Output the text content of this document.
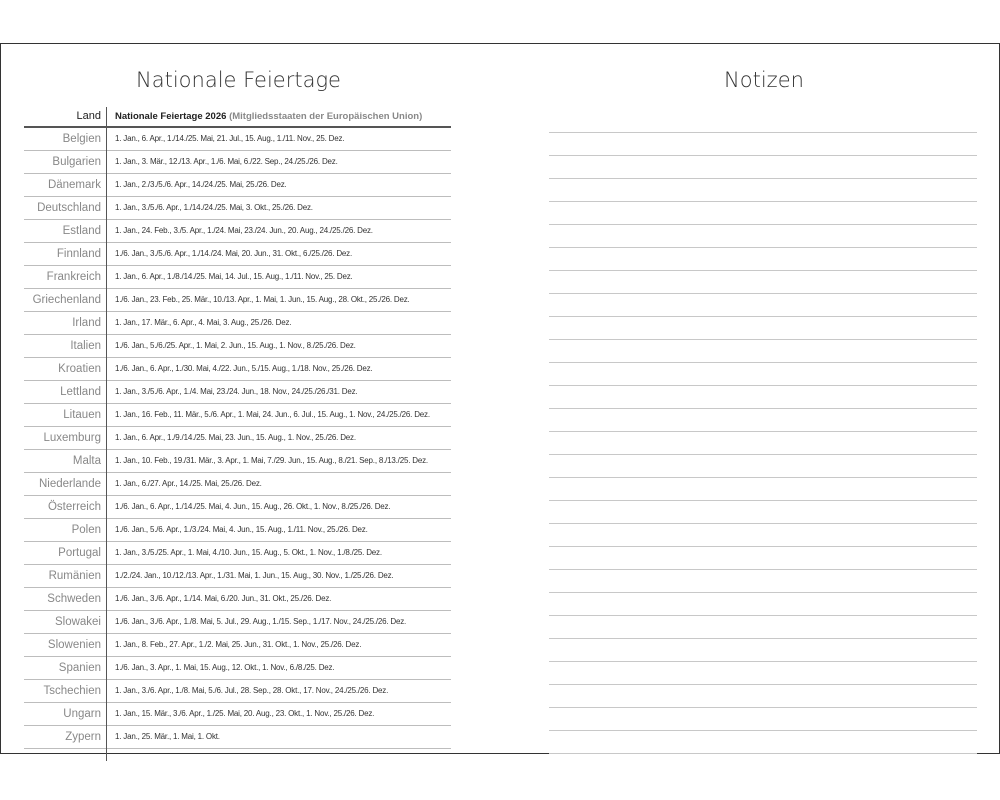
Nationale Feiertage	Notizen
Land Nationale Feiertage 2026 (Mitgliedsstaaten der Europäischen Union)
Belgien 1. Jan., 6. Apr., 1./14./25. Mai, 21. Jul., 15. Aug., 1./11. Nov., 25. Dez.
Bulgarien 1. Jan., 3. Mär., 12./13. Apr., 1./6. Mai, 6./22. Sep., 24./25./26. Dez.
Dänemark 1. Jan., 2./3./5./6. Apr., 14./24./25. Mai, 25./26. Dez.
Deutschland 1. Jan., 3./5./6. Apr., 1./14./24./25. Mai, 3. Okt., 25./26. Dez.
Estland 1. Jan., 24. Feb., 3./5. Apr., 1./24. Mai, 23./24. Jun., 20. Aug., 24./25./26. Dez.
Finnland 1./6. Jan., 3./5./6. Apr., 1./14./24. Mai, 20. Jun., 31. Okt., 6./25./26. Dez.
Frankreich 1. Jan., 6. Apr., 1./8./14./25. Mai, 14. Jul., 15. Aug., 1./11. Nov., 25. Dez.
Griechenland 1./6. Jan., 23. Feb., 25. Mär., 10./13. Apr., 1. Mai, 1. Jun., 15. Aug., 28. Okt., 25./26. Dez.
Irland 1. Jan., 17. Mär., 6. Apr., 4. Mai, 3. Aug., 25./26. Dez.
Italien 1./6. Jan., 5./6./25. Apr., 1. Mai, 2. Jun., 15. Aug., 1. Nov., 8./25./26. Dez.
Kroatien 1./6. Jan., 6. Apr., 1./30. Mai, 4./22. Jun., 5./15. Aug., 1./18. Nov., 25./26. Dez.
Lettland 1. Jan., 3./5./6. Apr., 1./4. Mai, 23./24. Jun., 18. Nov., 24./25./26./31. Dez.
Litauen 1. Jan., 16. Feb., 11. Mär., 5./6. Apr., 1. Mai, 24. Jun., 6. Jul., 15. Aug., 1. Nov., 24./25./26. Dez.
Luxemburg 1. Jan., 6. Apr., 1./9./14./25. Mai, 23. Jun., 15. Aug., 1. Nov., 25./26. Dez.
Malta 1. Jan., 10. Feb., 19./31. Mär., 3. Apr., 1. Mai, 7./29. Jun., 15. Aug., 8./21. Sep., 8./13./25. Dez.
Niederlande 1. Jan., 6./27. Apr., 14./25. Mai, 25./26. Dez.
Österreich 1./6. Jan., 6. Apr., 1./14./25. Mai, 4. Jun., 15. Aug., 26. Okt., 1. Nov., 8./25./26. Dez.
Polen 1./6. Jan., 5./6. Apr., 1./3./24. Mai, 4. Jun., 15. Aug., 1./11. Nov., 25./26. Dez.
Portugal 1. Jan., 3./5./25. Apr., 1. Mai, 4./10. Jun., 15. Aug., 5. Okt., 1. Nov., 1./8./25. Dez.
Rumänien 1./2./24. Jan., 10./12./13. Apr., 1./31. Mai, 1. Jun., 15. Aug., 30. Nov., 1./25./26. Dez.
Schweden 1./6. Jan., 3./6. Apr., 1./14. Mai, 6./20. Jun., 31. Okt., 25./26. Dez.
Slowakei 1./6. Jan., 3./6. Apr., 1./8. Mai, 5. Jul., 29. Aug., 1./15. Sep., 1./17. Nov., 24./25./26. Dez.
Slowenien 1. Jan., 8. Feb., 27. Apr., 1./2. Mai, 25. Jun., 31. Okt., 1. Nov., 25./26. Dez.
Spanien 1./6. Jan., 3. Apr., 1. Mai, 15. Aug., 12. Okt., 1. Nov., 6./8./25. Dez.
Tschechien 1. Jan., 3./6. Apr., 1./8. Mai, 5./6. Jul., 28. Sep., 28. Okt., 17. Nov., 24./25./26. Dez.
Ungarn 1. Jan., 15. Mär., 3./6. Apr., 1./25. Mai, 20. Aug., 23. Okt., 1. Nov., 25./26. Dez.
Zypern 1. Jan., 25. Mär., 1. Mai, 1. Okt.
